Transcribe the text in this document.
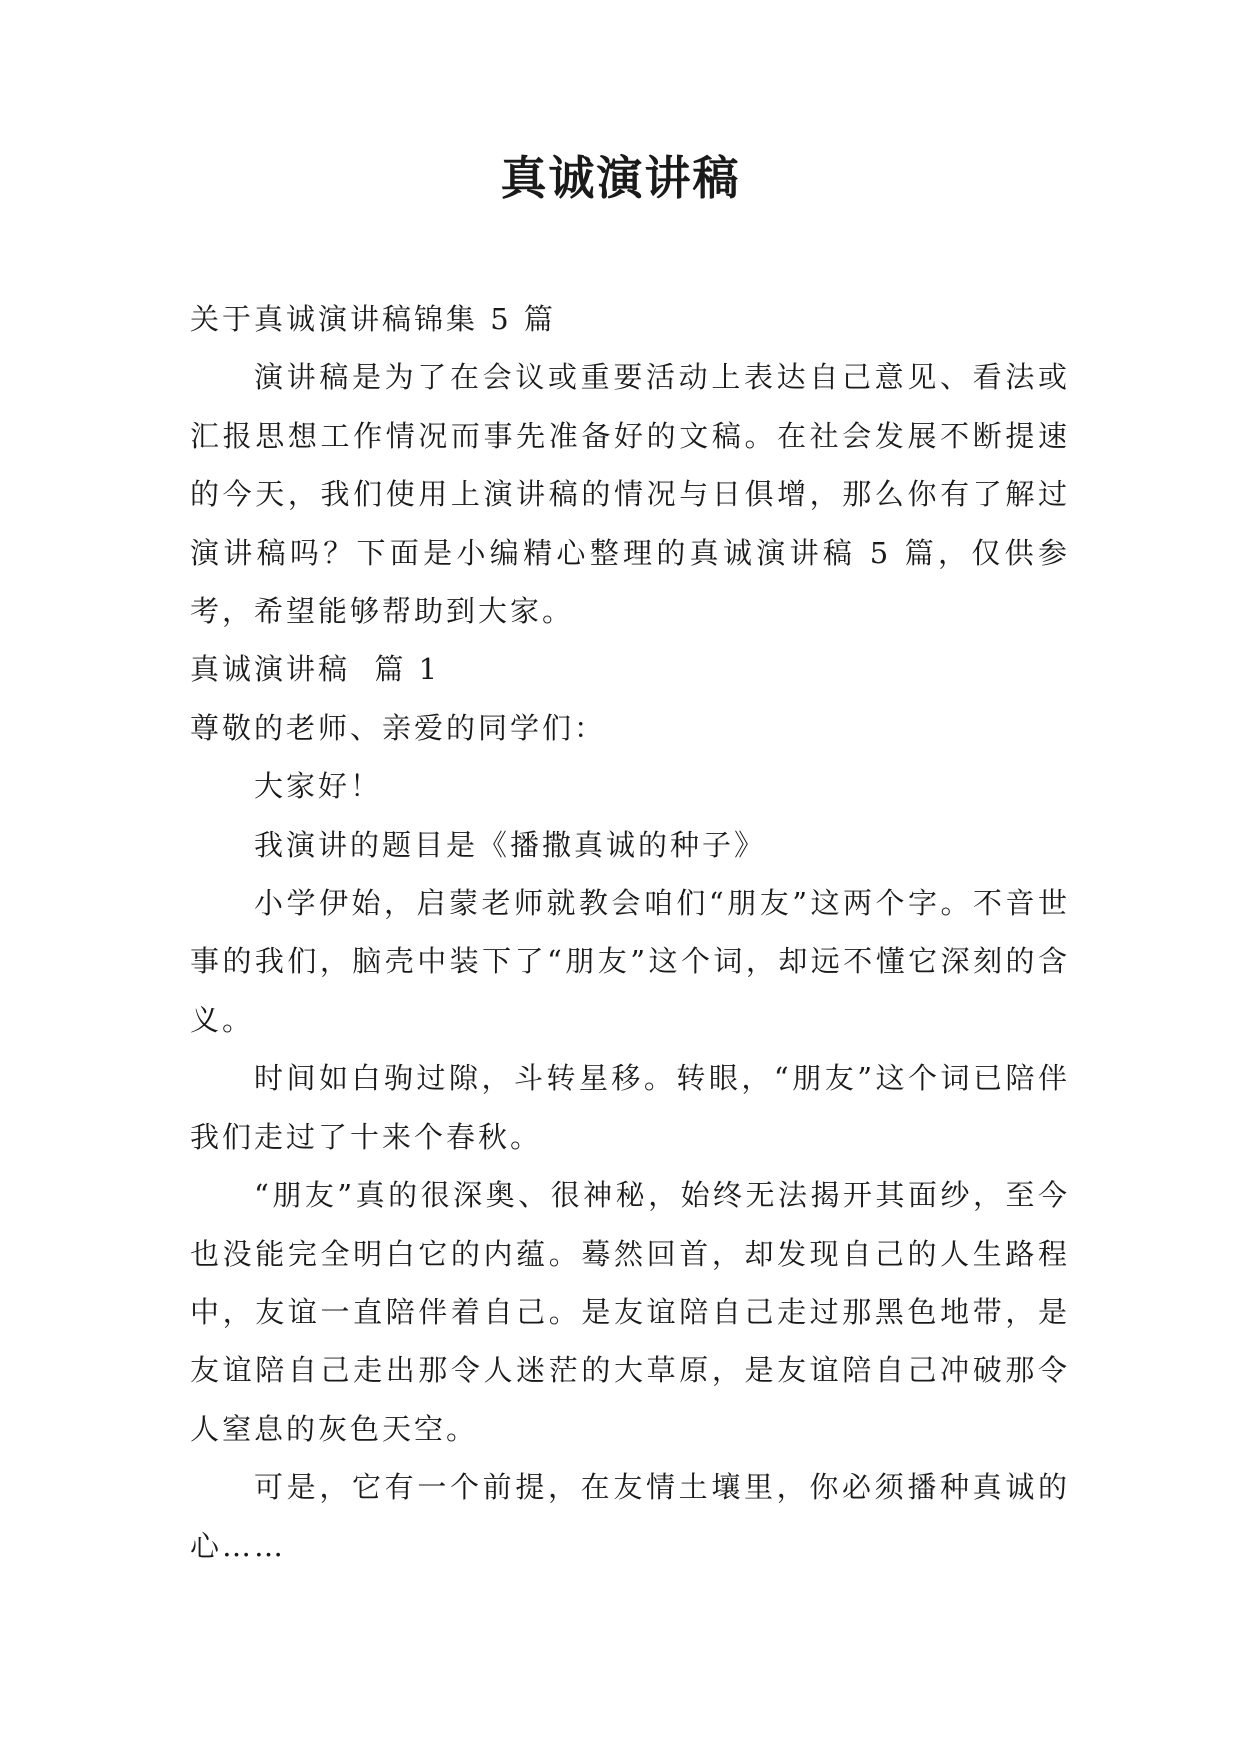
真诚演讲稿

关于真诚演讲稿锦集 5 篇

演讲稿是为了在会议或重要活动上表达自己意见、看法或汇报思想工作情况而事先准备好的文稿。在社会发展不断提速的今天，我们使用上演讲稿的情况与日俱增，那么你有了解过演讲稿吗？下面是小编精心整理的真诚演讲稿 5 篇，仅供参考，希望能够帮助到大家。

真诚演讲稿  篇 1

尊敬的老师、亲爱的同学们：

大家好！

我演讲的题目是《播撒真诚的种子》

小学伊始，启蒙老师就教会咱们“朋友”这两个字。不音世事的我们，脑壳中装下了“朋友”这个词，却远不懂它深刻的含义。

时间如白驹过隙，斗转星移。转眼，“朋友”这个词已陪伴我们走过了十来个春秋。

“朋友”真的很深奥、很神秘，始终无法揭开其面纱，至今也没能完全明白它的内蕴。蓦然回首，却发现自己的人生路程中，友谊一直陪伴着自己。是友谊陪自己走过那黑色地带，是友谊陪自己走出那令人迷茫的大草原，是友谊陪自己冲破那令人窒息的灰色天空。

可是，它有一个前提，在友情土壤里，你必须播种真诚的心……
